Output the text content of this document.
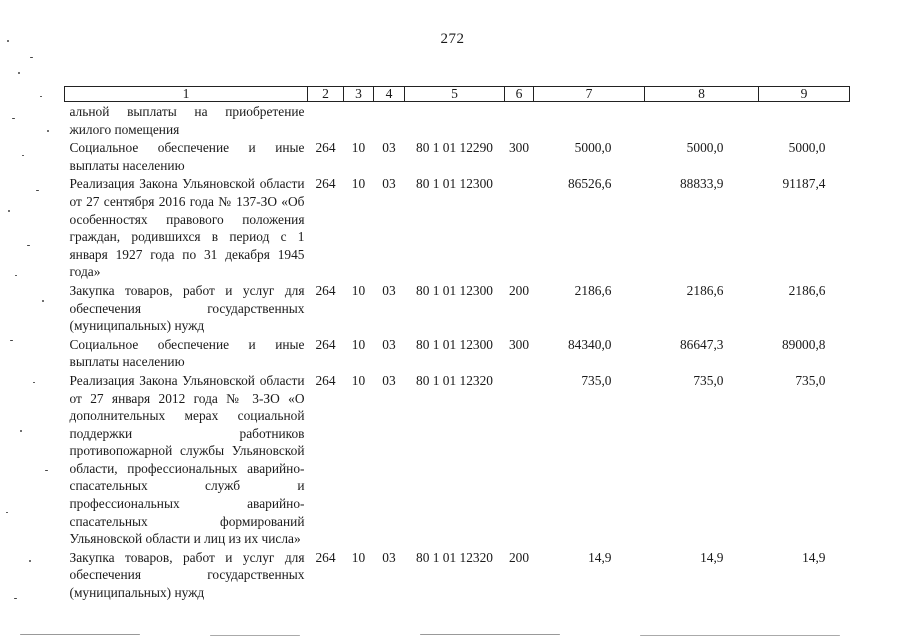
272
1	2	3	4	5	6	7	8	9
альной выплаты на приобретение жилого помещения								
Социальное обеспечение и иные выплаты населению	264	10	03	80 1 01 12290	300	5000,0	5000,0	5000,0
Реализация Закона Ульяновской области от 27 сентября 2016 года № 137-ЗО «Об особенностях правового положения граждан, родившихся в период с 1 января 1927 года по 31 декабря 1945 года»	264	10	03	80 1 01 12300		86526,6	88833,9	91187,4
Закупка товаров, работ и услуг для обеспечения государственных (муниципальных) нужд	264	10	03	80 1 01 12300	200	2186,6	2186,6	2186,6
Социальное обеспечение и иные выплаты населению	264	10	03	80 1 01 12300	300	84340,0	86647,3	89000,8
Реализация Закона Ульяновской области от 27 января 2012 года № 3-ЗО «О дополнительных мерах социальной поддержки работников противопожарной службы Ульяновской области, профессиональных аварийно-спасательных служб и профессиональных аварийно-спасательных формирований Ульяновской области и лиц из их числа»	264	10	03	80 1 01 12320		735,0	735,0	735,0
Закупка товаров, работ и услуг для обеспечения государственных (муниципальных) нужд	264	10	03	80 1 01 12320	200	14,9	14,9	14,9
